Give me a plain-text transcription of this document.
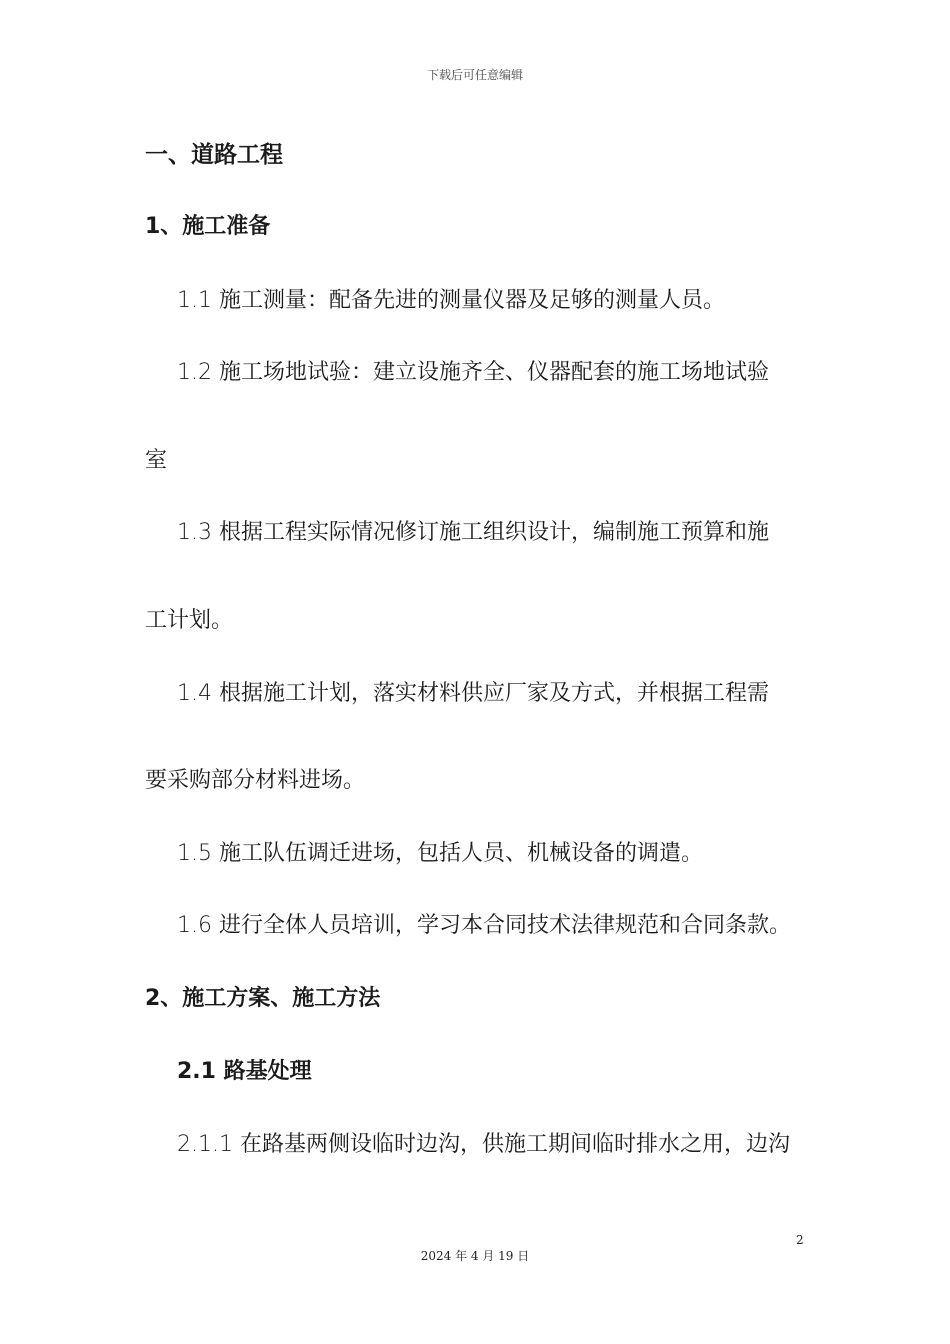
下载后可任意编辑
一、道路工程
1、施工准备
1.1 施工测量：配备先进的测量仪器及足够的测量人员。
1.2 施工场地试验：建立设施齐全、仪器配套的施工场地试验
室
1.3 根据工程实际情况修订施工组织设计，编制施工预算和施
工计划。
1.4 根据施工计划，落实材料供应厂家及方式，并根据工程需
要采购部分材料进场。
1.5 施工队伍调迁进场，包括人员、机械设备的调遣。
1.6 进行全体人员培训，学习本合同技术法律规范和合同条款。
2、施工方案、施工方法
2.1 路基处理
2.1.1 在路基两侧设临时边沟，供施工期间临时排水之用，边沟
2
2024 年 4 月 19 日
